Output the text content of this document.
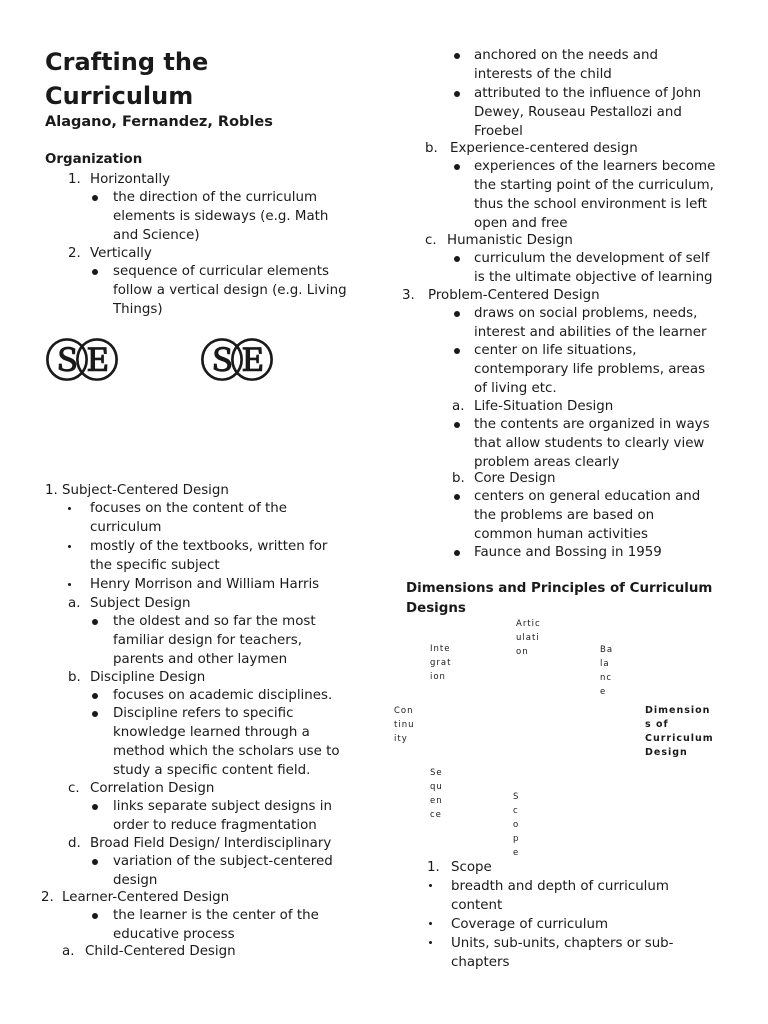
Crafting the
Curriculum
Alagano, Fernandez, Robles
Organization
1. Horizontally
the direction of the curriculum
elements is sideways (e.g. Math
and Science)
2. Vertically
sequence of curricular elements
follow a vertical design (e.g. Living
Things)
ⓈⒺ ⓈⒺ
1. Subject-Centered Design
focuses on the content of the
curriculum
mostly of the textbooks, written for
the specific subject
Henry Morrison and William Harris
a. Subject Design
the oldest and so far the most
familiar design for teachers,
parents and other laymen
b. Discipline Design
focuses on academic disciplines.
Discipline refers to specific
knowledge learned through a
method which the scholars use to
study a specific content field.
c. Correlation Design
links separate subject designs in
order to reduce fragmentation
d. Broad Field Design/ Interdisciplinary
variation of the subject-centered
design
2. Learner-Centered Design
the learner is the center of the
educative process
a. Child-Centered Design
anchored on the needs and
interests of the child
attributed to the influence of John
Dewey, Rouseau Pestallozi and
Froebel
b. Experience-centered design
experiences of the learners become
the starting point of the curriculum,
thus the school environment is left
open and free
c. Humanistic Design
curriculum the development of self
is the ultimate objective of learning
3. Problem-Centered Design
draws on social problems, needs,
interest and abilities of the learner
center on life situations,
contemporary life problems, areas
of living etc.
a. Life-Situation Design
the contents are organized in ways
that allow students to clearly view
problem areas clearly
b. Core Design
centers on general education and
the problems are based on
common human activities
Faunce and Bossing in 1959
Dimensions and Principles of Curriculum
Designs
Artic
ulati
on
Inte
grat
ion
Ba
la
nc
e
Con
tinu
ity
Dimension
s of
Curriculum
Design
Se
qu
en
ce
S
c
o
p
e
1. Scope
breadth and depth of curriculum
content
Coverage of curriculum
Units, sub-units, chapters or sub-
chapters
